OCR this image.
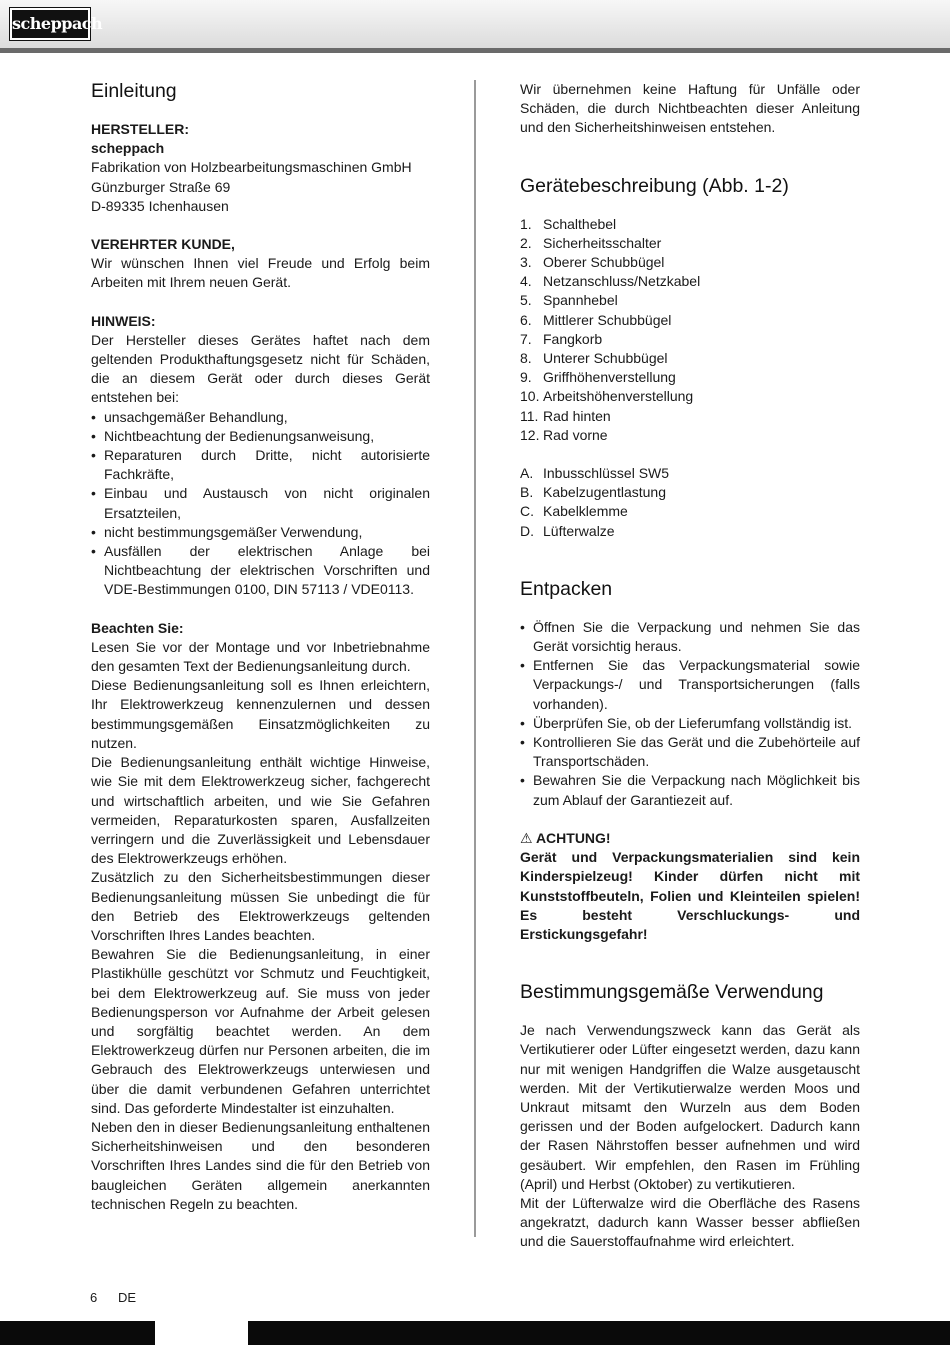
scheppach
Einleitung
HERSTELLER:
scheppach
Fabrikation von Holzbearbeitungsmaschinen GmbH
Günzburger Straße 69
D-89335 Ichenhausen
VEREHRTER KUNDE,

Wir wünschen Ihnen viel Freude und Erfolg beim Arbeiten mit Ihrem neuen Gerät.

HINWEIS:

Der Hersteller dieses Gerätes haftet nach dem geltenden Produkthaftungsgesetz nicht für Schäden, die an diesem Gerät oder durch dieses Gerät entstehen bei:

• unsachgemäßer Behandlung,
• Nichtbeachtung der Bedienungsanweisung,
• Reparaturen durch Dritte, nicht autorisierte Fachkräfte,
• Einbau und Austausch von nicht originalen Ersatzteilen,
• nicht bestimmungsgemäßer Verwendung,
• Ausfällen der elektrischen Anlage bei Nichtbeachtung der elektrischen Vorschriften und VDE-Bestimmungen 0100, DIN 57113 / VDE0113.
Beachten Sie:

Lesen Sie vor der Montage und vor Inbetriebnahme den gesamten Text der Bedienungsanleitung durch.

Diese Bedienungsanleitung soll es Ihnen erleichtern, Ihr Elektrowerkzeug kennenzulernen und dessen bestimmungsgemäßen Einsatzmöglichkeiten zu nutzen.

Die Bedienungsanleitung enthält wichtige Hinweise, wie Sie mit dem Elektrowerkzeug sicher, fachgerecht und wirtschaftlich arbeiten, und wie Sie Gefahren vermeiden, Reparaturkosten sparen, Ausfallzeiten verringern und die Zuverlässigkeit und Lebensdauer des Elektrowerkzeugs erhöhen.

Zusätzlich zu den Sicherheitsbestimmungen dieser Bedienungsanleitung müssen Sie unbedingt die für den Betrieb des Elektrowerkzeugs geltenden Vorschriften Ihres Landes beachten.

Bewahren Sie die Bedienungsanleitung, in einer Plastikhülle geschützt vor Schmutz und Feuchtigkeit, bei dem Elektrowerkzeug auf. Sie muss von jeder Bedienungsperson vor Aufnahme der Arbeit gelesen und sorgfältig beachtet werden. An dem Elektrowerkzeug dürfen nur Personen arbeiten, die im Gebrauch des Elektrowerkzeugs unterwiesen und über die damit verbundenen Gefahren unterrichtet sind. Das geforderte Mindestalter ist einzuhalten.

Neben den in dieser Bedienungsanleitung enthaltenen Sicherheitshinweisen und den besonderen Vorschriften Ihres Landes sind die für den Betrieb von baugleichen Geräten allgemein anerkannten technischen Regeln zu beachten.

Wir übernehmen keine Haftung für Unfälle oder Schäden, die durch Nichtbeachten dieser Anleitung und den Sicherheitshinweisen entstehen.

Gerätebeschreibung (Abb. 1-2)
1. Schalthebel
2. Sicherheitsschalter
3. Oberer Schubbügel
4. Netzanschluss/Netzkabel
5. Spannhebel
6. Mittlerer Schubbügel
7. Fangkorb
8. Unterer Schubbügel
9. Griffhöhenverstellung
10. Arbeitshöhenverstellung
11. Rad hinten
12. Rad vorne
A. Inbusschlüssel SW5
B. Kabelzugentlastung
C. Kabelklemme
D. Lüfterwalze
Entpacken
• Öffnen Sie die Verpackung und nehmen Sie das Gerät vorsichtig heraus.
• Entfernen Sie das Verpackungsmaterial sowie Verpackungs-/ und Transportsicherungen (falls vorhanden).
• Überprüfen Sie, ob der Lieferumfang vollständig ist.
• Kontrollieren Sie das Gerät und die Zubehörteile auf Transportschäden.
• Bewahren Sie die Verpackung nach Möglichkeit bis zum Ablauf der Garantiezeit auf.
⚠ ACHTUNG!

Gerät und Verpackungsmaterialien sind kein Kinderspielzeug! Kinder dürfen nicht mit Kunststoffbeuteln, Folien und Kleinteilen spielen! Es besteht Verschluckungs- und Erstickungsgefahr!

Bestimmungsgemäße Verwendung

Je nach Verwendungszweck kann das Gerät als Vertikutierer oder Lüfter eingesetzt werden, dazu kann nur mit wenigen Handgriffen die Walze ausgetauscht werden. Mit der Vertikutierwalze werden Moos und Unkraut mitsamt den Wurzeln aus dem Boden gerissen und der Boden aufgelockert. Dadurch kann der Rasen Nährstoffen besser aufnehmen und wird gesäubert. Wir empfehlen, den Rasen im Frühling (April) und Herbst (Oktober) zu vertikutieren.

Mit der Lüfterwalze wird die Oberfläche des Rasens angekratzt, dadurch kann Wasser besser abfließen und die Sauerstoffaufnahme wird erleichtert.

6 DE
